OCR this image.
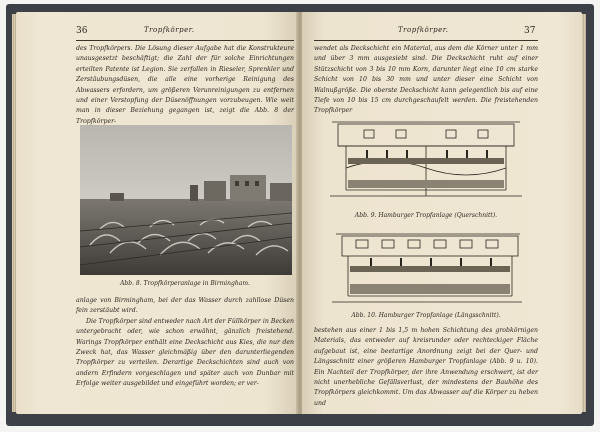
36	Tropfkörper.

des Tropfkörpers. Die Lösung dieser Aufgabe hat die Konstrukteure unausgesetzt beschäftigt; die Zahl der für solche Einrichtungen erteilten Patente ist Legion. Sie zerfallen in Rieseler, Sprenkler und Zerstäubungsdüsen, die alle eine vorherige Reinigung des Abwassers erfordern, um größeren Verunreinigungen zu entfernen und einer Verstopfung der Düsenöffnungen vorzubeugen. Wie weit man in dieser Beziehung gegangen ist, zeigt die Abb. 8 der Tropfkörper-

Abb. 8. Tropfkörperanlage in Birmingham.

anlage von Birmingham, bei der das Wasser durch zahllose Düsen fein zerstäubt wird.

Die Tropfkörper sind entweder nach Art der Füllkörper in Becken untergebracht oder, wie schon erwähnt, gänzlich freistehend. Warings Tropfkörper enthält eine Deckschicht aus Kies, die nur den Zweck hat, das Wasser gleichmäßig über den darunterliegenden Tropfkörper zu verteilen. Derartige Deckschichten sind auch von andern Erfindern vorgeschlagen und später auch von Dunbar mit Erfolge weiter ausgebildet und eingeführt worden; er ver-

Tropfkörper.	37

wendet als Deckschicht ein Material, aus dem die Körner unter 1 mm und über 3 mm ausgesiebt sind. Die Deckschicht ruht auf einer Stützschicht von 3 bis 10 mm Korn, darunter liegt eine 10 cm starke Schicht von 10 bis 30 mm und unter dieser eine Schicht von Walnußgröße. Die oberste Deckschicht kann gelegentlich bis auf eine Tiefe von 10 bis 15 cm durchgeschaufelt werden. Die freistehenden Tropfkörper

Abb. 9. Hamburger Tropfanlage (Querschnitt).
Abb. 10. Hamburger Tropfanlage (Längsschnitt).

bestehen aus einer 1 bis 1,5 m hohen Schichtung des grobkörnigen Materials, das entweder auf kreisrunder oder rechteckiger Fläche aufgebaut ist, eine beetartige Anordnung zeigt bei der Quer- und Längsschnitt einer größeren Hamburger Tropfanlage (Abb. 9 u. 10). Ein Nachteil der Tropfkörper, der ihre Anwendung erschwert, ist der nicht unerhebliche Gefällsverlust, der mindestens der Bauhöhe des Tropfkörpers gleichkommt. Um das Abwasser auf die Körper zu heben und
